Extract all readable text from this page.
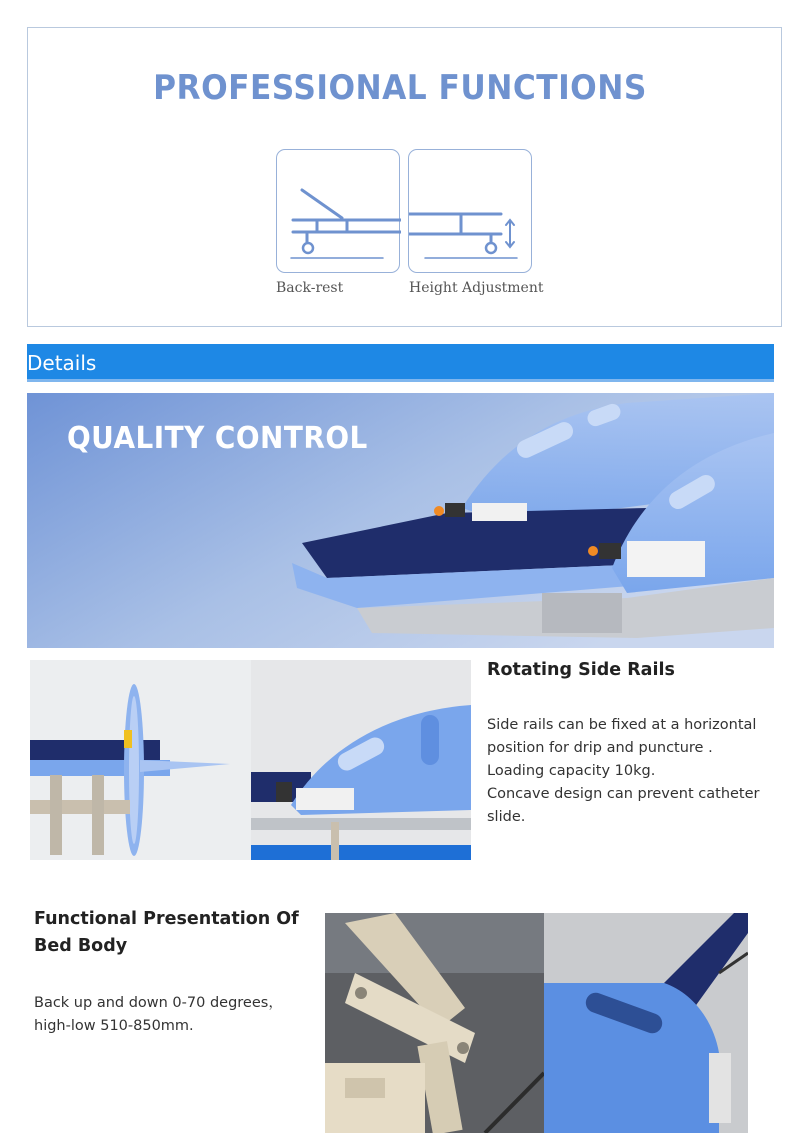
PROFESSIONAL FUNCTIONS
Back-rest	Height Adjustment
Details
QUALITY CONTROL
Rotating Side Rails
Side rails can be fixed at a horizontal
position for drip and puncture .
Loading capacity 10kg.
Concave design can prevent catheter
slide.
Functional Presentation Of
Bed Body
Back up and down 0-70 degrees，
high-low 510-850mm.
